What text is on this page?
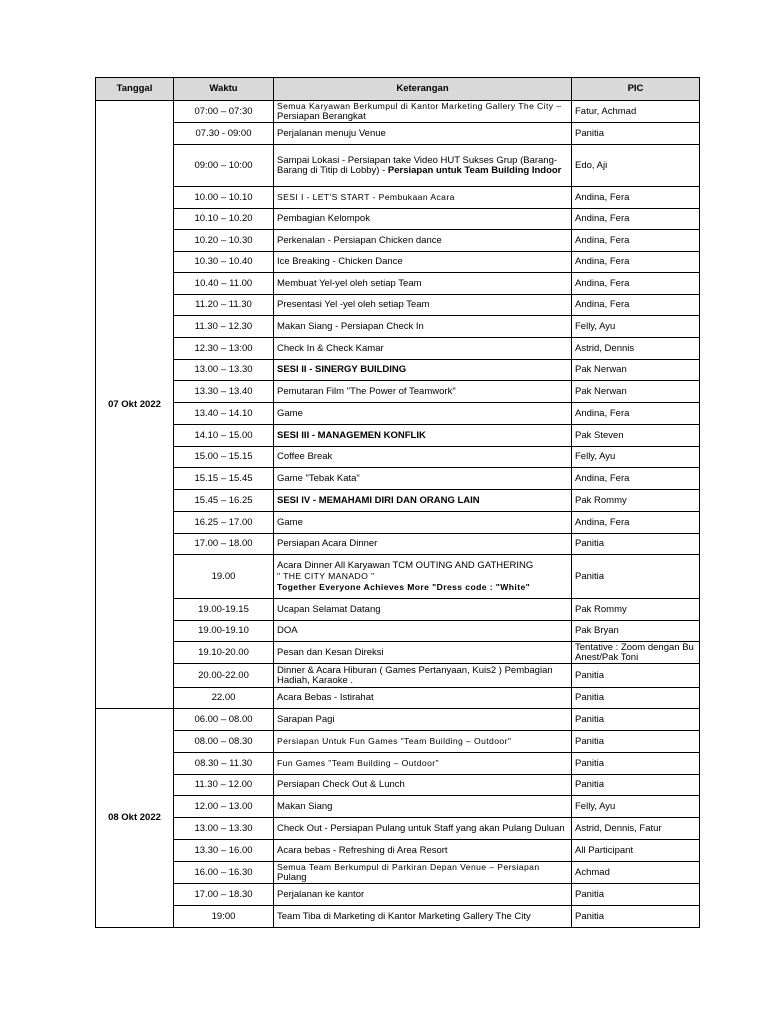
Tanggal	Waktu	Keterangan	PIC
07 Okt 2022	07:00 – 07:30	Semua Karyawan Berkumpul di Kantor Marketing Gallery The City –
Persiapan Berangkat	Fatur, Achmad
	07.30 - 09:00	Perjalanan menuju Venue	Panitia
	09:00 – 10:00	Sampai Lokasi - Persiapan take Video HUT Sukses Grup (Barang-
Barang di Titip di Lobby) - Persiapan untuk Team Building Indoor	Edo, Aji
	10.00 – 10.10	SESI I - LET'S START - Pembukaan Acara	Andina, Fera
	10.10 – 10.20	Pembagian Kelompok	Andina, Fera
	10.20 – 10.30	Perkenalan - Persiapan Chicken dance	Andina, Fera
	10.30 – 10.40	Ice Breaking - Chicken Dance	Andina, Fera
	10.40 – 11.00	Membuat Yel-yel oleh setiap Team	Andina, Fera
	11.20 – 11.30	Presentasi Yel -yel oleh setiap Team	Andina, Fera
	11.30 – 12.30	Makan Siang - Persiapan Check In	Felly, Ayu
	12.30 – 13:00	Check In & Check Kamar	Astrid, Dennis
	13.00 – 13.30	SESI II - SINERGY BUILDING	Pak Nerwan
	13.30 – 13.40	Pemutaran Film "The Power of Teamwork"	Pak Nerwan
	13.40 – 14.10	Game	Andina, Fera
	14.10 – 15.00	SESI III - MANAGEMEN KONFLIK	Pak Steven
	15.00 – 15.15	Coffee Break	Felly, Ayu
	15.15 – 15.45	Game "Tebak Kata"	Andina, Fera
	15.45 – 16.25	SESI IV - MEMAHAMI DIRI DAN ORANG LAIN	Pak Rommy
	16.25 – 17.00	Game	Andina, Fera
	17.00 – 18.00	Persiapan Acara Dinner	Panitia
	19.00	Acara Dinner All Karyawan TCM OUTING AND GATHERING
" THE CITY MANADO "
Together Everyone Achieves More "Dress code : "White"	Panitia
	19.00-19.15	Ucapan Selamat Datang	Pak Rommy
	19.00-19.10	DOA	Pak Bryan
	19.10-20.00	Pesan dan Kesan Direksi	Tentative : Zoom dengan Bu Anest/Pak Toni
	20.00-22.00	Dinner & Acara Hiburan ( Games Pertanyaan, Kuis2 ) Pembagian
Hadiah, Karaoke .	Panitia
	22.00	Acara Bebas - Istirahat	Panitia
08 Okt 2022	06.00 – 08.00	Sarapan Pagi	Panitia
	08.00 – 08.30	Persiapan Untuk Fun Games "Team Building – Outdoor"	Panitia
	08.30 – 11.30	Fun Games "Team Building – Outdoor"	Panitia
	11.30 – 12.00	Persiapan Check Out & Lunch	Panitia
	12.00 – 13.00	Makan Siang	Felly, Ayu
	13.00 – 13.30	Check Out - Persiapan Pulang untuk Staff yang akan Pulang Duluan	Astrid, Dennis, Fatur
	13.30 – 16.00	Acara bebas - Refreshing di Area Resort	All Participant
	16.00 – 16.30	Semua Team Berkumpul di Parkiran Depan Venue – Persiapan
Pulang	Achmad
	17.00 – 18.30	Perjalanan ke kantor	Panitia
	19:00	Team Tiba di Marketing di Kantor Marketing Gallery The City	Panitia
